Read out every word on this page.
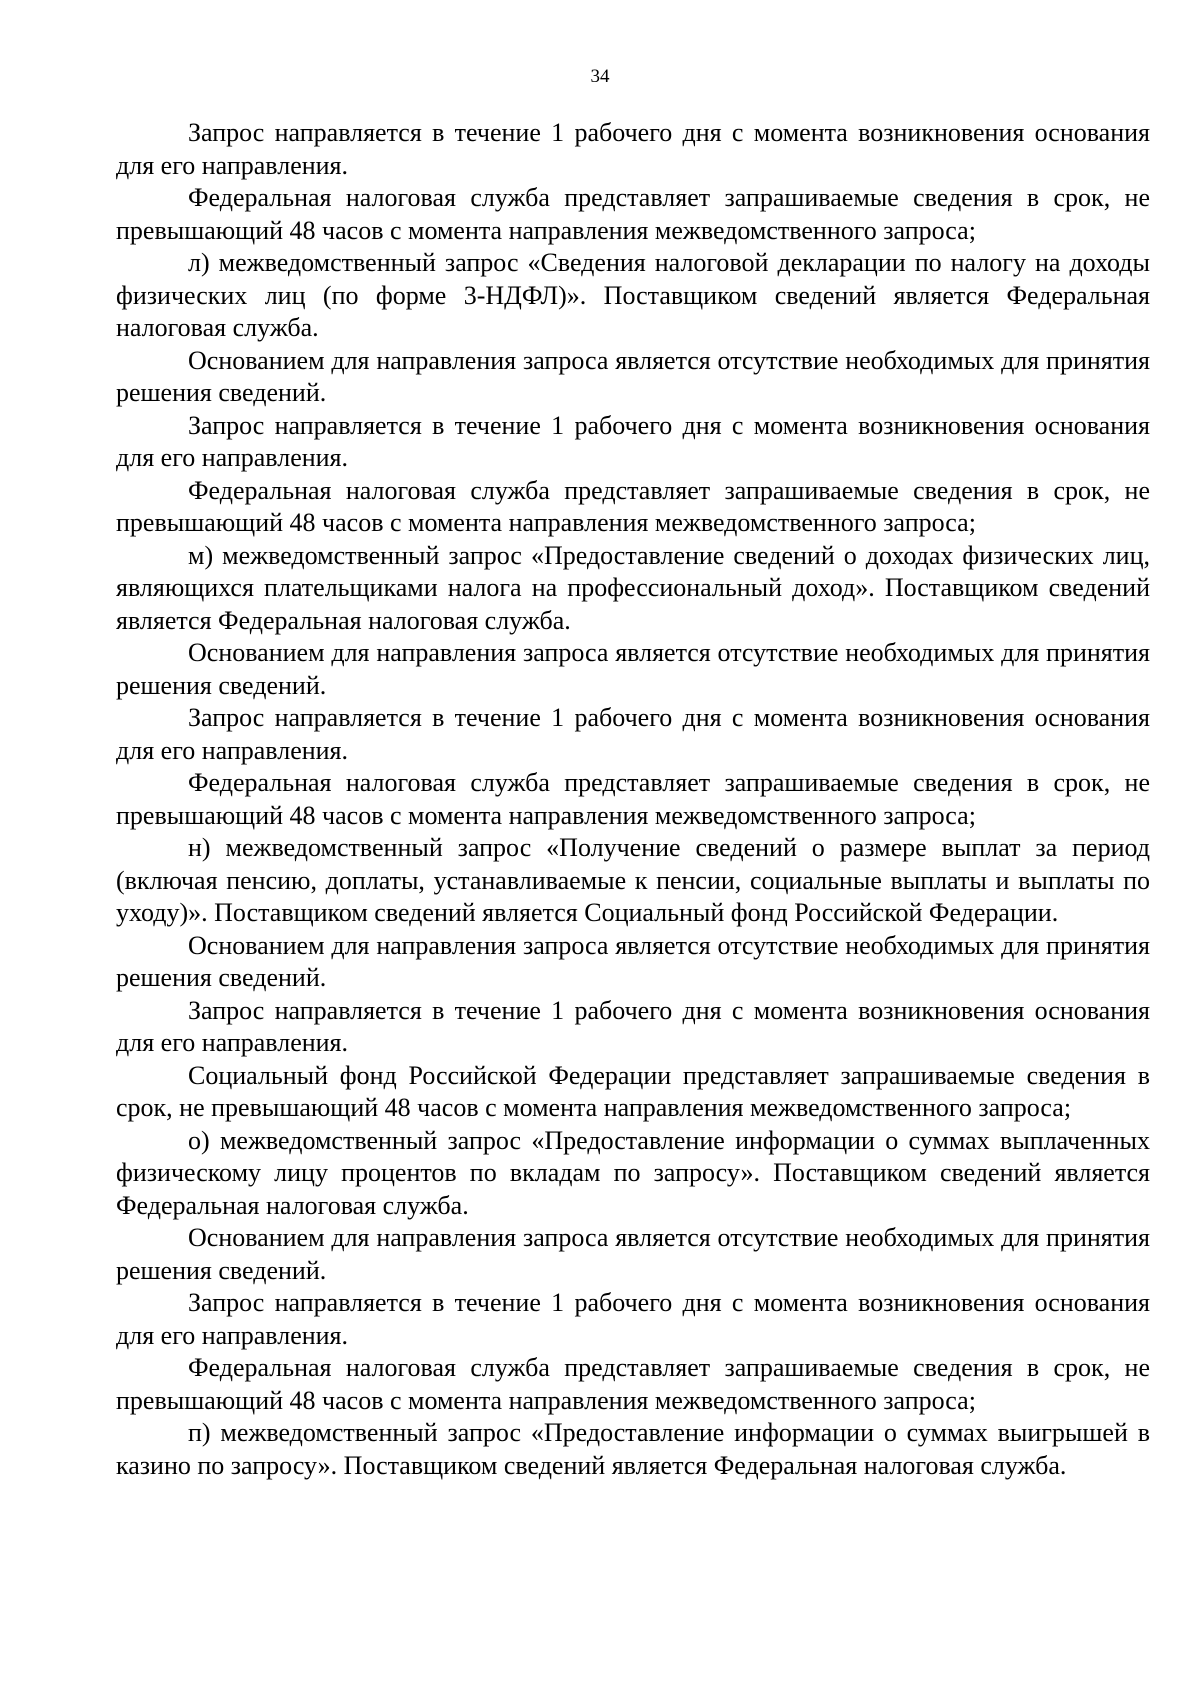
34

Запрос направляется в течение 1 рабочего дня с момента возникновения основания для его направления.

Федеральная налоговая служба представляет запрашиваемые сведения в срок, не превышающий 48 часов с момента направления межведомственного запроса;

л) межведомственный запрос «Сведения налоговой декларации по налогу на доходы физических лиц (по форме 3-НДФЛ)». Поставщиком сведений является Федеральная налоговая служба.

Основанием для направления запроса является отсутствие необходимых для принятия решения сведений.

Запрос направляется в течение 1 рабочего дня с момента возникновения основания для его направления.

Федеральная налоговая служба представляет запрашиваемые сведения в срок, не превышающий 48 часов с момента направления межведомственного запроса;

м) межведомственный запрос «Предоставление сведений о доходах физических лиц, являющихся плательщиками налога на профессиональный доход». Поставщиком сведений является Федеральная налоговая служба.

Основанием для направления запроса является отсутствие необходимых для принятия решения сведений.

Запрос направляется в течение 1 рабочего дня с момента возникновения основания для его направления.

Федеральная налоговая служба представляет запрашиваемые сведения в срок, не превышающий 48 часов с момента направления межведомственного запроса;

н) межведомственный запрос «Получение сведений о размере выплат за период (включая пенсию, доплаты, устанавливаемые к пенсии, социальные выплаты и выплаты по уходу)». Поставщиком сведений является Социальный фонд Российской Федерации.

Основанием для направления запроса является отсутствие необходимых для принятия решения сведений.

Запрос направляется в течение 1 рабочего дня с момента возникновения основания для его направления.

Социальный фонд Российской Федерации представляет запрашиваемые сведения в срок, не превышающий 48 часов с момента направления межведомственного запроса;

о) межведомственный запрос «Предоставление информации о суммах выплаченных физическому лицу процентов по вкладам по запросу». Поставщиком сведений является Федеральная налоговая служба.

Основанием для направления запроса является отсутствие необходимых для принятия решения сведений.

Запрос направляется в течение 1 рабочего дня с момента возникновения основания для его направления.

Федеральная налоговая служба представляет запрашиваемые сведения в срок, не превышающий 48 часов с момента направления межведомственного запроса;

п) межведомственный запрос «Предоставление информации о суммах выигрышей в казино по запросу». Поставщиком сведений является Федеральная налоговая служба.
